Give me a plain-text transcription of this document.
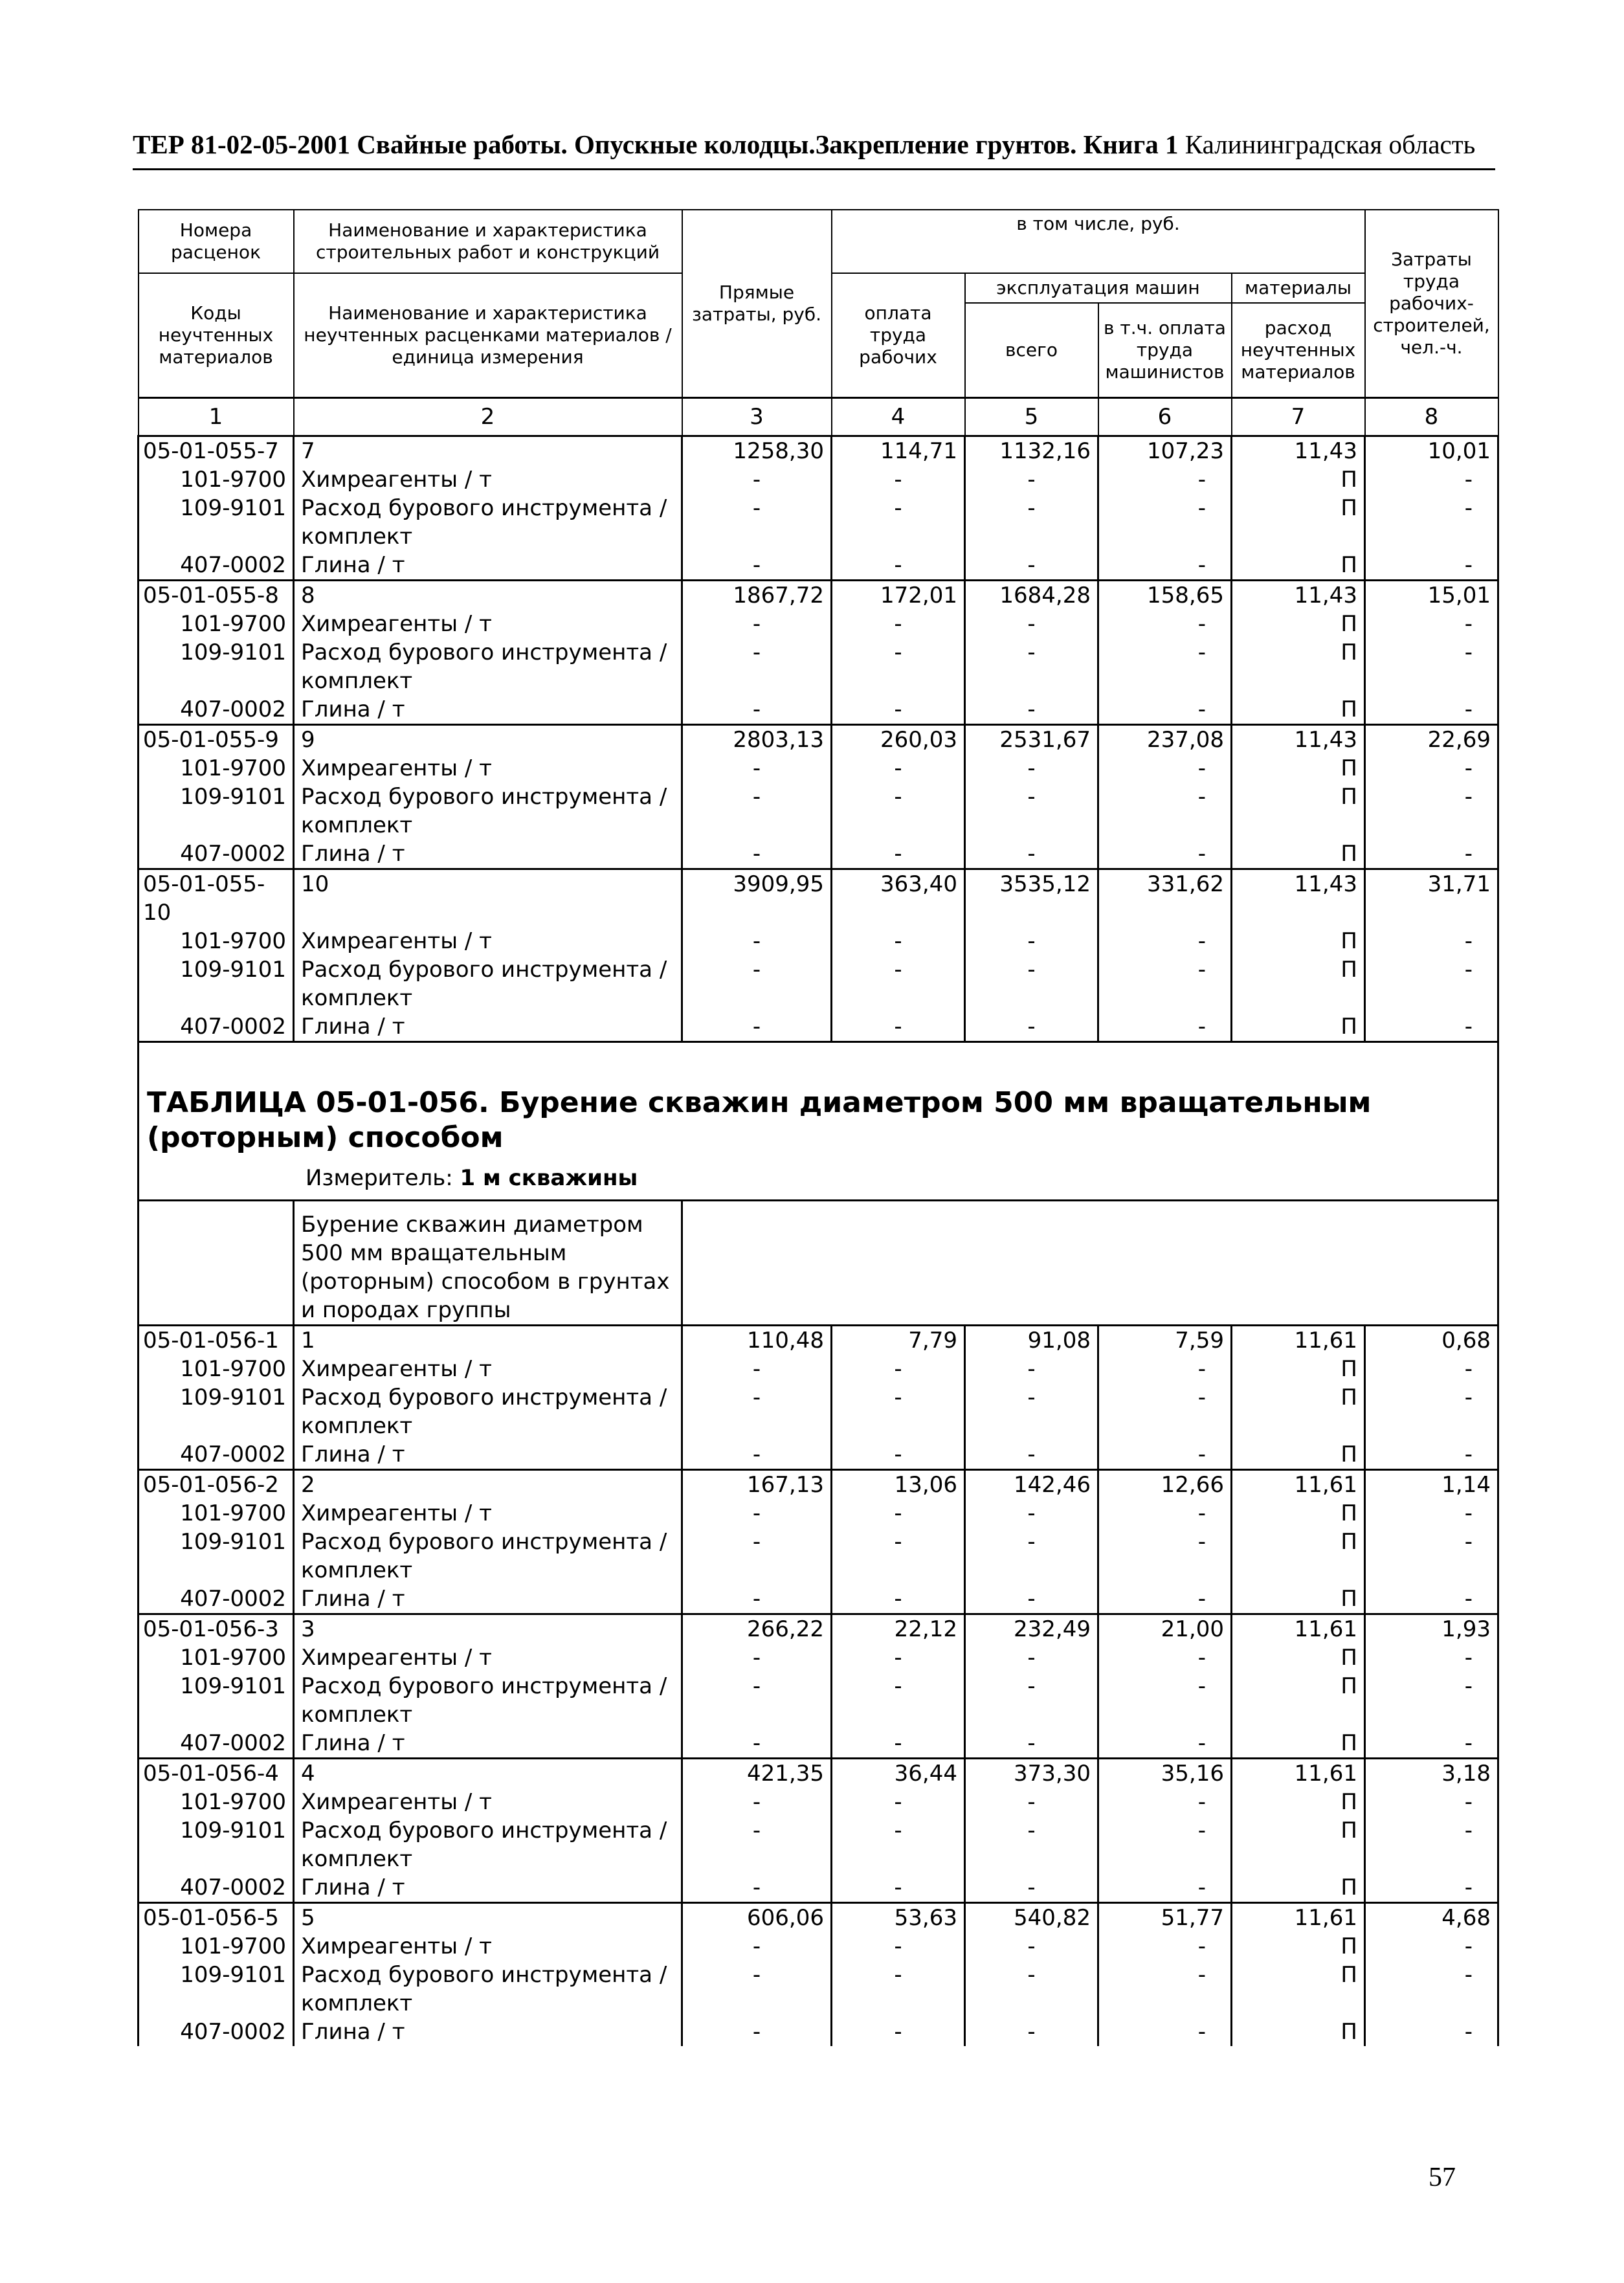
ТЕР 81-02-05-2001 Свайные работы. Опускные колодцы.Закрепление грунтов. Книга 1 Калининградская область
Номера расценок	Наименование и характеристика строительных работ и конструкций	Прямые затраты, руб.	в том числе, руб.				Затраты труда рабочих-строителей, чел.-ч.
Коды неучтенных материалов	Наименование и характеристика неучтенных расценками материалов / единица измерения		оплата труда рабочих	эксплуатация машин		материалы	
				всего	в т.ч. оплата труда машинистов	расход неучтенных материалов	
1	2	3	4	5	6	7	8
05-01-055-7	7	1258,30	114,71	1132,16	107,23	11,43	10,01
101-9700	Химреагенты / т	-	-	-	-	П	-
109-9101	Расход бурового инструмента / комплект	-	-	-	-	П	-
407-0002	Глина / т	-	-	-	-	П	-
05-01-055-8	8	1867,72	172,01	1684,28	158,65	11,43	15,01
101-9700	Химреагенты / т	-	-	-	-	П	-
109-9101	Расход бурового инструмента / комплект	-	-	-	-	П	-
407-0002	Глина / т	-	-	-	-	П	-
05-01-055-9	9	2803,13	260,03	2531,67	237,08	11,43	22,69
101-9700	Химреагенты / т	-	-	-	-	П	-
109-9101	Расход бурового инструмента / комплект	-	-	-	-	П	-
407-0002	Глина / т	-	-	-	-	П	-
05-01-055-10	10	3909,95	363,40	3535,12	331,62	11,43	31,71
101-9700	Химреагенты / т	-	-	-	-	П	-
109-9101	Расход бурового инструмента / комплект	-	-	-	-	П	-
407-0002	Глина / т	-	-	-	-	П	-

ТАБЛИЦА 05-01-056. Бурение скважин диаметром 500 мм вращательным (роторным) способом
Измеритель: 1 м скважины							

	Бурение скважин диаметром 500 мм вращательным (роторным) способом в грунтах и породах группы						
05-01-056-1	1	110,48	7,79	91,08	7,59	11,61	0,68
101-9700	Химреагенты / т	-	-	-	-	П	-
109-9101	Расход бурового инструмента / комплект	-	-	-	-	П	-
407-0002	Глина / т	-	-	-	-	П	-
05-01-056-2	2	167,13	13,06	142,46	12,66	11,61	1,14
101-9700	Химреагенты / т	-	-	-	-	П	-
109-9101	Расход бурового инструмента / комплект	-	-	-	-	П	-
407-0002	Глина / т	-	-	-	-	П	-
05-01-056-3	3	266,22	22,12	232,49	21,00	11,61	1,93
101-9700	Химреагенты / т	-	-	-	-	П	-
109-9101	Расход бурового инструмента / комплект	-	-	-	-	П	-
407-0002	Глина / т	-	-	-	-	П	-
05-01-056-4	4	421,35	36,44	373,30	35,16	11,61	3,18
101-9700	Химреагенты / т	-	-	-	-	П	-
109-9101	Расход бурового инструмента / комплект	-	-	-	-	П	-
407-0002	Глина / т	-	-	-	-	П	-
05-01-056-5	5	606,06	53,63	540,82	51,77	11,61	4,68
101-9700	Химреагенты / т	-	-	-	-	П	-
109-9101	Расход бурового инструмента / комплект	-	-	-	-	П	-
407-0002	Глина / т	-	-	-	-	П	-
57
